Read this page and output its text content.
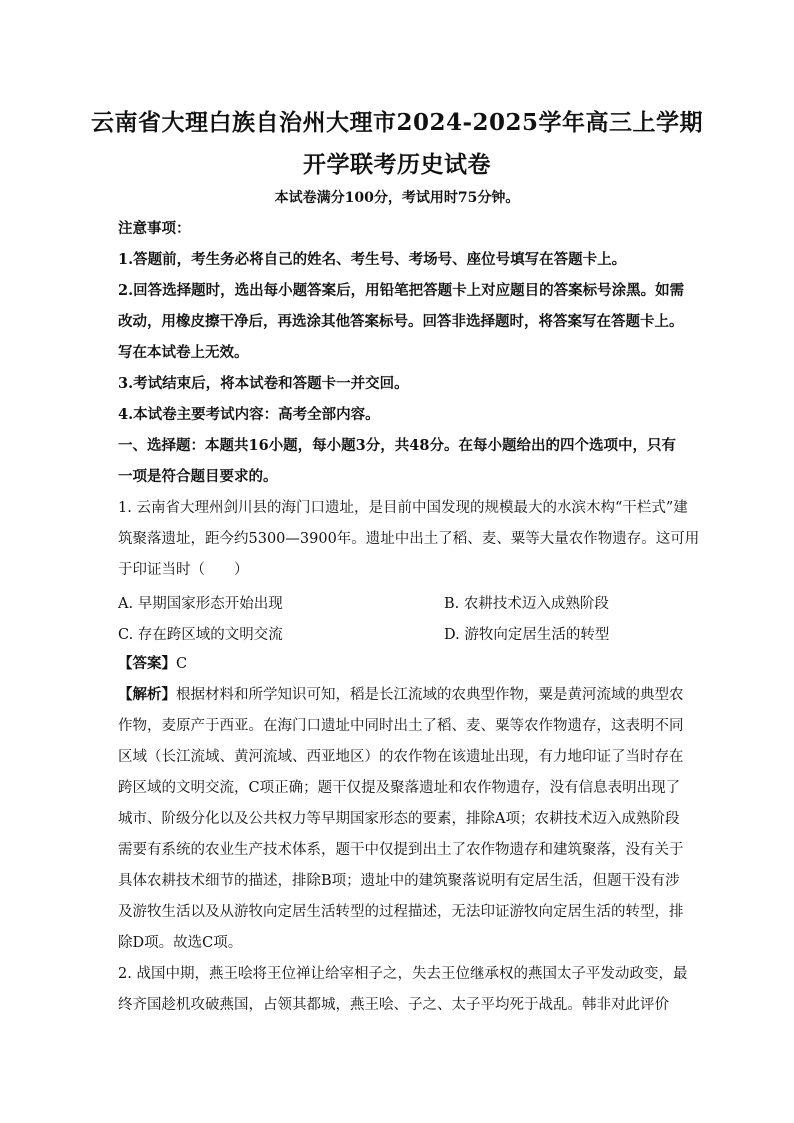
云南省大理白族自治州大理市2024-2025学年高三上学期
开学联考历史试卷
本试卷满分100分，考试用时75分钟。
注意事项：
1.答题前，考生务必将自己的姓名、考生号、考场号、座位号填写在答题卡上。
2.回答选择题时，选出每小题答案后，用铅笔把答题卡上对应题目的答案标号涂黑。如需
改动，用橡皮擦干净后，再选涂其他答案标号。回答非选择题时，将答案写在答题卡上。
写在本试卷上无效。
3.考试结束后，将本试卷和答题卡一并交回。
4.本试卷主要考试内容：高考全部内容。
一、选择题：本题共16小题，每小题3分，共48分。在每小题给出的四个选项中，只有
一项是符合题目要求的。
1. 云南省大理州剑川县的海门口遗址，是目前中国发现的规模最大的水滨木构“干栏式”建
筑聚落遗址，距今约5300—3900年。遗址中出土了稻、麦、粟等大量农作物遗存。这可用
于印证当时（　　）
A. 早期国家形态开始出现	B. 农耕技术迈入成熟阶段
C. 存在跨区域的文明交流	D. 游牧向定居生活的转型
【答案】C
【解析】根据材料和所学知识可知，稻是长江流域的农典型作物，粟是黄河流域的典型农
作物，麦原产于西亚。在海门口遗址中同时出土了稻、麦、粟等农作物遗存，这表明不同
区域（长江流域、黄河流域、西亚地区）的农作物在该遗址出现，有力地印证了当时存在
跨区域的文明交流，C项正确；题干仅提及聚落遗址和农作物遗存，没有信息表明出现了
城市、阶级分化以及公共权力等早期国家形态的要素，排除A项；农耕技术迈入成熟阶段
需要有系统的农业生产技术体系，题干中仅提到出土了农作物遗存和建筑聚落，没有关于
具体农耕技术细节的描述，排除B项；遗址中的建筑聚落说明有定居生活，但题干没有涉
及游牧生活以及从游牧向定居生活转型的过程描述，无法印证游牧向定居生活的转型，排
除D项。故选C项。
2. 战国中期，燕王哙将王位禅让给宰相子之，失去王位继承权的燕国太子平发动政变，最
终齐国趁机攻破燕国，占领其都城，燕王哙、子之、太子平均死于战乱。韩非对此评价
